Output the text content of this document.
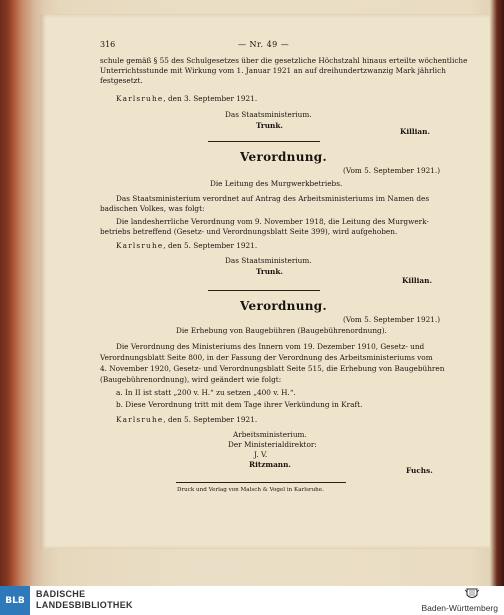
316	— Nr. 49 —
schule gemäß § 55 des Schulgesetzes über die gesetzliche Höchstzahl hinaus erteilte wöchentliche
Unterrichtsstunde mit Wirkung vom 1. Januar 1921 an auf dreihundertzwanzig Mark jährlich
festgesetzt.
Karlsruhe, den 3. September 1921.
Das Staatsministerium.
Trunk.
Killian.
Verordnung.
(Vom 5. September 1921.)
Die Leitung des Murgwerkbetriebs.
Das Staatsministerium verordnet auf Antrag des Arbeitsministeriums im Namen des
badischen Volkes, was folgt:
Die landesherrliche Verordnung vom 9. November 1918, die Leitung des Murgwerk-
betriebs betreffend (Gesetz- und Verordnungsblatt Seite 399), wird aufgehoben.
Karlsruhe, den 5. September 1921.
Das Staatsministerium.
Trunk.
Killian.
Verordnung.
(Vom 5. September 1921.)
Die Erhebung von Baugebühren (Baugebührenordnung).
Die Verordnung des Ministeriums des Innern vom 19. Dezember 1910, Gesetz- und
Verordnungsblatt Seite 800, in der Fassung der Verordnung des Arbeitsministeriums vom
4. November 1920, Gesetz- und Verordnungsblatt Seite 515, die Erhebung von Baugebühren
(Baugebührenordnung), wird geändert wie folgt:
a. In II ist statt „200 v. H.“ zu setzen „400 v. H.“.
b. Diese Verordnung tritt mit dem Tage ihrer Verkündung in Kraft.
Karlsruhe, den 5. September 1921.
Arbeitsministerium.
Der Ministerialdirektor:
J. V.
Ritzmann.
Fuchs.
Druck und Verlag von Malsch & Vogel in Karlsruhe.
BLB
BADISCHE
LANDESBIBLIOTHEK	Baden-Württemberg
